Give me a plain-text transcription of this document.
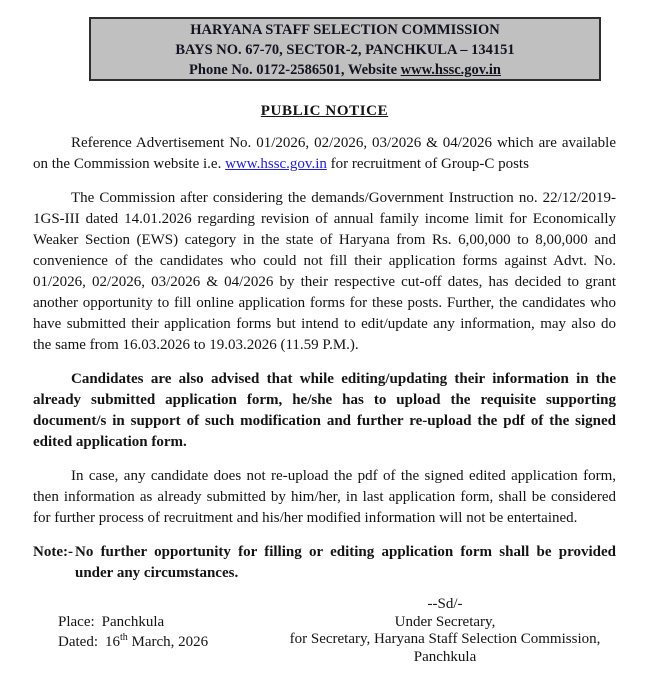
HARYANA STAFF SELECTION COMMISSION
BAYS NO. 67-70, SECTOR-2, PANCHKULA – 134151
Phone No. 0172-2586501, Website www.hssc.gov.in
PUBLIC NOTICE

Reference Advertisement No. 01/2026, 02/2026, 03/2026 & 04/2026 which are available on the Commission website i.e. www.hssc.gov.in for recruitment of Group-C posts

The Commission after considering the demands/Government Instruction no. 22/12/2019-1GS-III dated 14.01.2026 regarding revision of annual family income limit for Economically Weaker Section (EWS) category in the state of Haryana from Rs. 6,00,000 to 8,00,000 and convenience of the candidates who could not fill their application forms against Advt. No. 01/2026, 02/2026, 03/2026 & 04/2026 by their respective cut-off dates, has decided to grant another opportunity to fill online application forms for these posts. Further, the candidates who have submitted their application forms but intend to edit/update any information, may also do the same from 16.03.2026 to 19.03.2026 (11.59 P.M.).

Candidates are also advised that while editing/updating their information in the already submitted application form, he/she has to upload the requisite supporting document/s in support of such modification and further re-upload the pdf of the signed edited application form.

In case, any candidate does not re-upload the pdf of the signed edited application form, then information as already submitted by him/her, in last application form, shall be considered for further process of recruitment and his/her modified information will not be entertained.

Note:- No further opportunity for filling or editing application form shall be provided under any circumstances.
Place: Panchkula
Dated: 16th March, 2026
--Sd/-
Under Secretary,
for Secretary, Haryana Staff Selection Commission,
Panchkula
